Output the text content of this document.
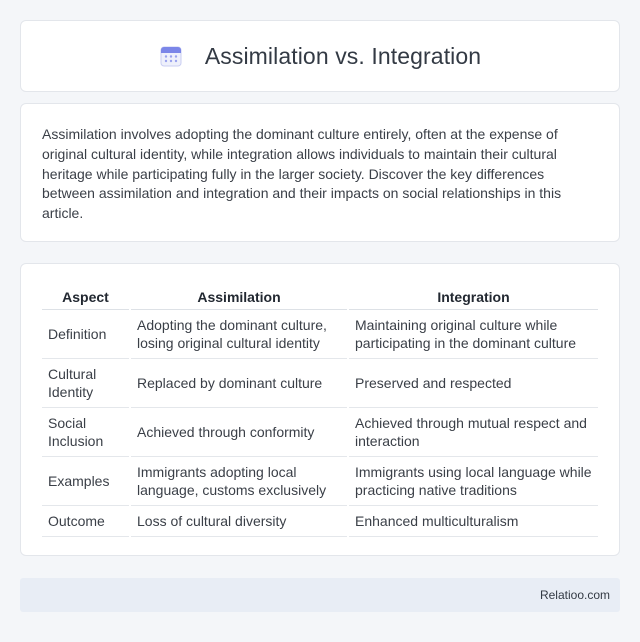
Assimilation vs. Integration

Assimilation involves adopting the dominant culture entirely, often at the expense of original cultural identity, while integration allows individuals to maintain their cultural heritage while participating fully in the larger society. Discover the key differences between assimilation and integration and their impacts on social relationships in this article.

Aspect	Assimilation	Integration
Definition	Adopting the dominant culture, losing original cultural identity	Maintaining original culture while participating in the dominant culture
Cultural Identity	Replaced by dominant culture	Preserved and respected
Social Inclusion	Achieved through conformity	Achieved through mutual respect and interaction
Examples	Immigrants adopting local language, customs exclusively	Immigrants using local language while practicing native traditions
Outcome	Loss of cultural diversity	Enhanced multiculturalism
Relatioo.com
